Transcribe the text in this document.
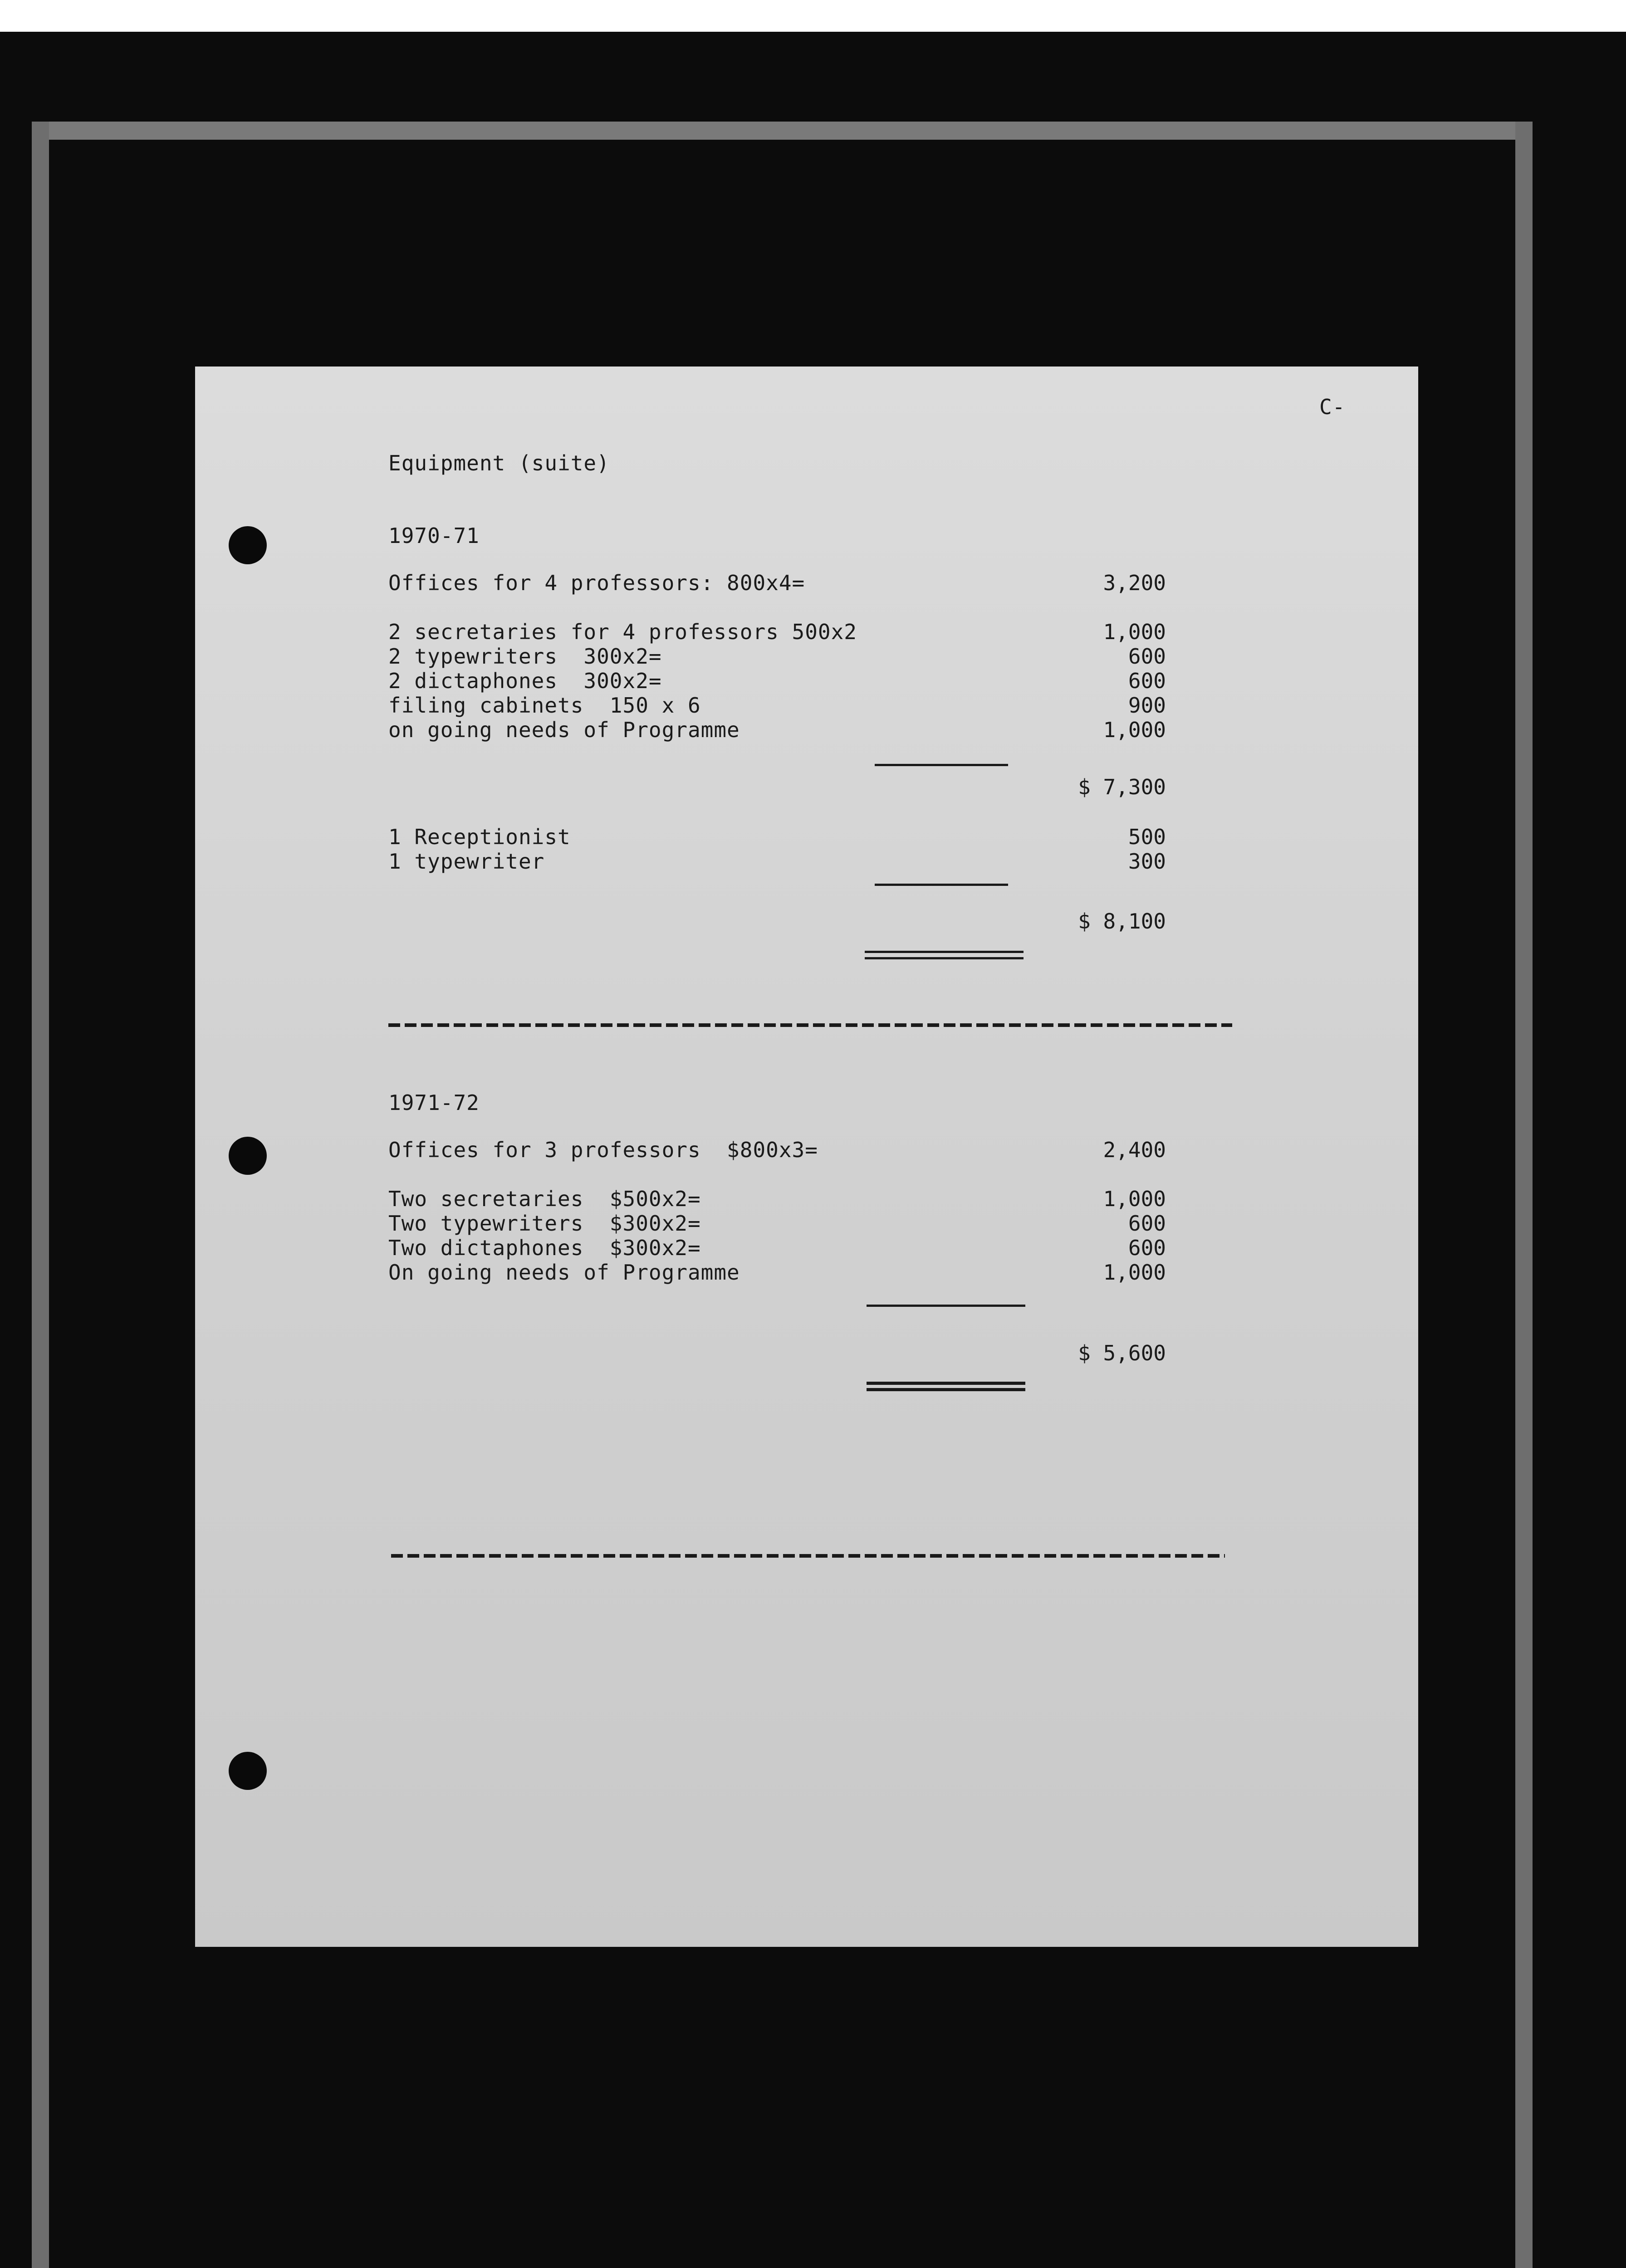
C-
Equipment (suite)
1970-71
Offices for 4 professors: 800x4=	3,200
2 secretaries for 4 professors 500x2	1,000
2 typewriters  300x2=	600
2 dictaphones  300x2=	600
filing cabinets  150 x 6	900
on going needs of Programme	1,000
$ 7,300
1 Receptionist	500
1 typewriter	300
$ 8,100
1971-72
Offices for 3 professors  $800x3=	2,400
Two secretaries  $500x2=	1,000
Two typewriters  $300x2=	600
Two dictaphones  $300x2=	600
On going needs of Programme	1,000
$ 5,600
